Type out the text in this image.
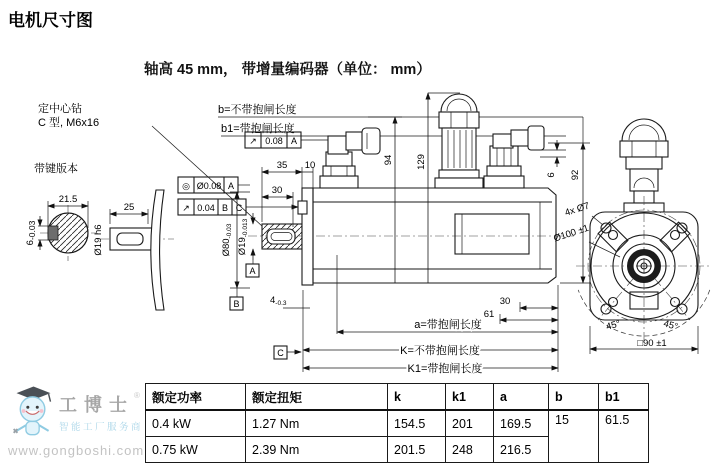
电机尺寸图
轴高 45 mm， 带增量编码器（单位： mm）
定中心钻
C 型, M6x16
带键版本
21.5
6-0.03
25
Ø19 h6
b=不带抱闸长度
b1=带抱闸长度
↗ 0.08 A
◎ Ø0.08 A
↗ 0.04 B C
35 10
30
$Ø80_{-0.03}$
$Ø19_{-0.013}$
A
B	$4_{-0.3}$
94 129
6 92
30
61
a=带抱闸长度
K=不带抱闸长度
K1=带抱闸长度
C
4x Ø7
Ø100 ±1
45°	45°
□90 ±1
额定功率	额定扭矩	k	k1	a	b	b1
0.4 kW	1.27 Nm	154.5	201	169.5	15	61.5
0.75 kW	2.39 Nm	201.5	248	216.5		
工博士®
智能工厂服务商
www.gongboshi.com
